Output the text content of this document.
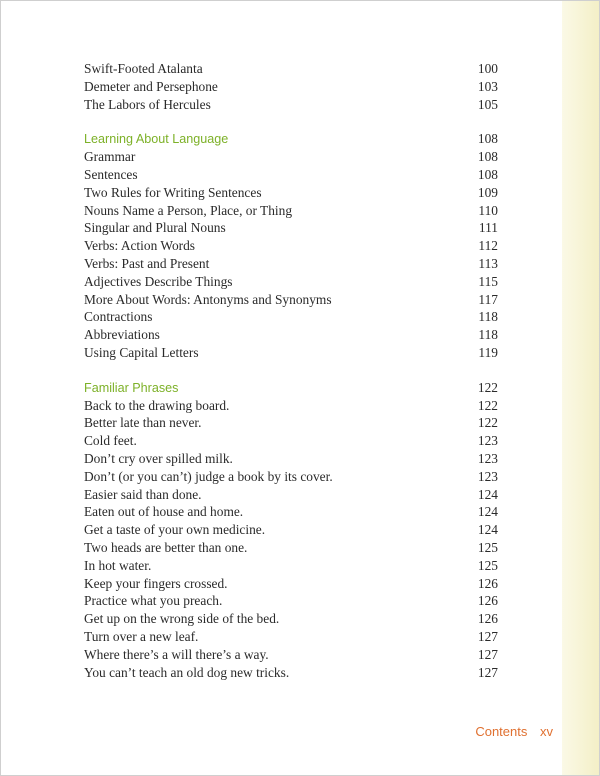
Swift-Footed Atalanta	100
Demeter and Persephone	103
The Labors of Hercules	105
Learning About Language	108
Grammar	108
Sentences	108
Two Rules for Writing Sentences	109
Nouns Name a Person, Place, or Thing	110
Singular and Plural Nouns	111
Verbs: Action Words	112
Verbs: Past and Present	113
Adjectives Describe Things	115
More About Words: Antonyms and Synonyms	117
Contractions	118
Abbreviations	118
Using Capital Letters	119
Familiar Phrases	122
Back to the drawing board.	122
Better late than never.	122
Cold feet.	123
Don’t cry over spilled milk.	123
Don’t (or you can’t) judge a book by its cover.	123
Easier said than done.	124
Eaten out of house and home.	124
Get a taste of your own medicine.	124
Two heads are better than one.	125
In hot water.	125
Keep your fingers crossed.	126
Practice what you preach.	126
Get up on the wrong side of the bed.	126
Turn over a new leaf.	127
Where there’s a will there’s a way.	127
You can’t teach an old dog new tricks.	127
Contents xv
